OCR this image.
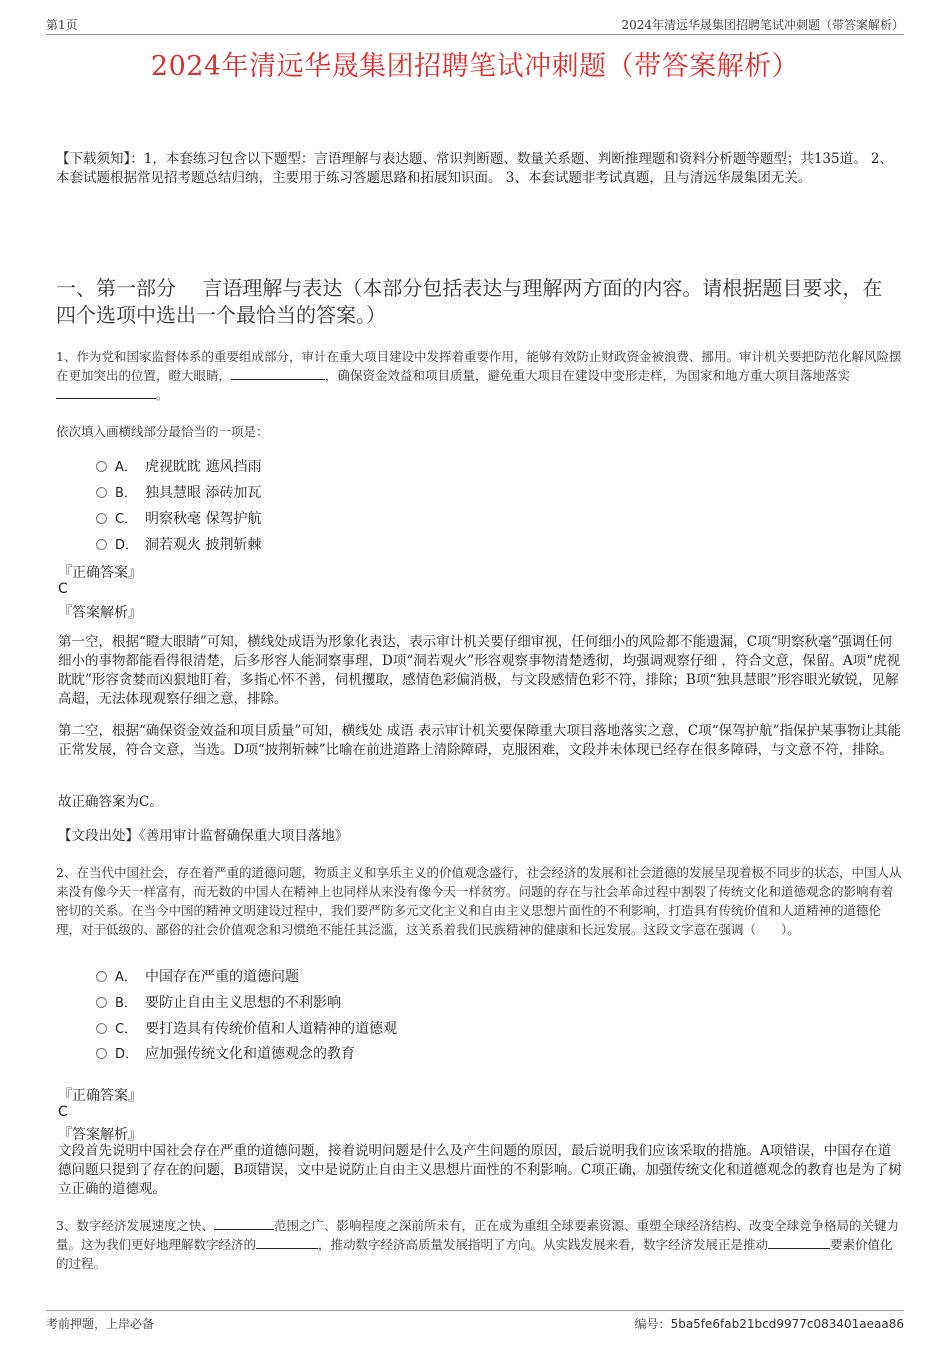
第1页	2024年清远华晟集团招聘笔试冲刺题（带答案解析）
2024年清远华晟集团招聘笔试冲刺题（带答案解析）
【下载须知】：1，本套练习包含以下题型：言语理解与表达题、常识判断题、数量关系题、判断推理题和资料分析题等题型；共135道。 2、本套试题根据常见招考题总结归纳，主要用于练习答题思路和拓展知识面。 3、本套试题非考试真题，且与清远华晟集团无关。
一、第一部分　 言语理解与表达（本部分包括表达与理解两方面的内容。请根据题目要求，在四个选项中选出一个最恰当的答案。）
1、作为党和国家监督体系的重要组成部分，审计在重大项目建设中发挥着重要作用，能够有效防止财政资金被浪费、挪用。审计机关要把防范化解风险摆在更加突出的位置，瞪大眼睛，	，确保资金效益和项目质量，避免重大项目在建设中变形走样，为国家和地方重大项目落地落实。
依次填入画横线部分最恰当的一项是：
A． 虎视眈眈 遮风挡雨
B． 独具慧眼 添砖加瓦
C． 明察秋毫 保驾护航
D． 洞若观火 披荆斩棘
『正确答案』
C
『答案解析』
第一空，根据“瞪大眼睛”可知，横线处成语为形象化表达，表示审计机关要仔细审视，任何细小的风险都不能遗漏，C项“明察秋毫”强调任何细小的事物都能看得很清楚，后多形容人能洞察事理，D项“洞若观火”形容观察事物清楚透彻，均强调观察仔细 ，符合文意，保留。A项“虎视眈眈”形容贪婪而凶狠地盯着，多指心怀不善，伺机攫取，感情色彩偏消极，与文段感情色彩不符，排除；B项“独具慧眼”形容眼光敏锐，见解高超，无法体现观察仔细之意，排除。
第二空，根据“确保资金效益和项目质量”可知，横线处 成语 表示审计机关要保障重大项目落地落实之意，C项“保驾护航”指保护某事物让其能正常发展，符合文意，当选。D项“披荆斩棘”比喻在前进道路上清除障碍，克服困难，文段并未体现已经存在很多障碍，与文意不符，排除。
故正确答案为C。
【文段出处】《善用审计监督确保重大项目落地》
2、在当代中国社会，存在着严重的道德问题，物质主义和享乐主义的价值观念盛行，社会经济的发展和社会道德的发展呈现着极不同步的状态，中国人从来没有像今天一样富有，而无数的中国人在精神上也同样从来没有像今天一样贫穷。问题的存在与社会革命过程中割裂了传统文化和道德观念的影响有着密切的关系。在当今中国的精神文明建设过程中，我们要严防多元文化主义和自由主义思想片面性的不利影响，打造具有传统价值和人道精神的道德伦理，对于低级的、鄙俗的社会价值观念和习惯绝不能任其泛滥，这关系着我们民族精神的健康和长远发展。这段文字意在强调（　　）。
A． 中国存在严重的道德问题
B． 要防止自由主义思想的不利影响
C． 要打造具有传统价值和人道精神的道德观
D． 应加强传统文化和道德观念的教育
『正确答案』
C
『答案解析』
文段首先说明中国社会存在严重的道德问题，接着说明问题是什么及产生问题的原因，最后说明我们应该采取的措施。A项错误，中国存在道德问题只提到了存在的问题，B项错误，文中是说防止自由主义思想片面性的不利影响。C项正确，加强传统文化和道德观念的教育也是为了树立正确的道德观。
3、数字经济发展速度之快、	范围之广、影响程度之深前所未有，正在成为重组全球要素资源、重塑全球经济结构、改变全球竞争格局的关键力量。这为我们更好地理解数字经济的	，推动数字经济高质量发展指明了方向。从实践发展来看，数字经济发展正是推动	要素价值化的过程。
考前押题，上岸必备	编号：5ba5fe6fab21bcd9977c083401aeaa86
